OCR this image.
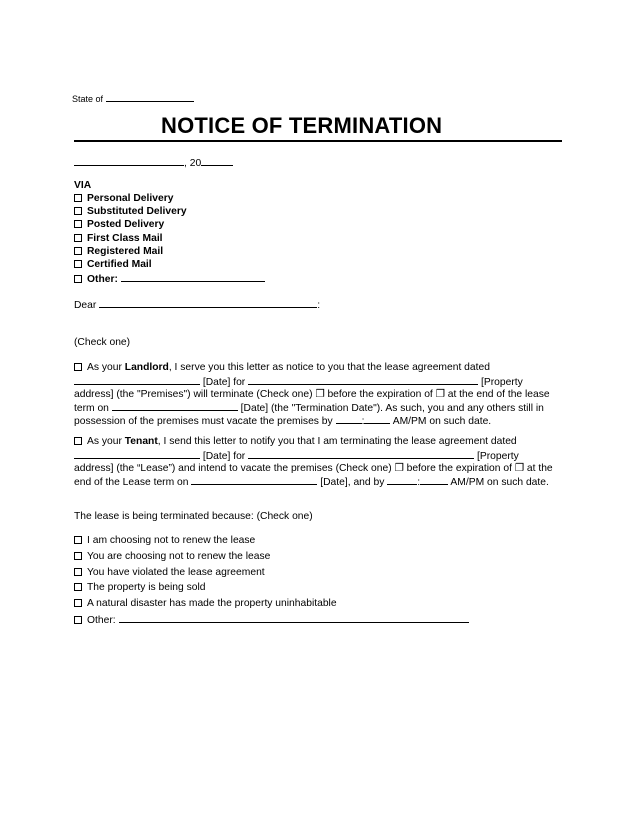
State of
NOTICE OF TERMINATION
, 20
VIA
Personal Delivery
Substituted Delivery
Posted Delivery
First Class Mail
Registered Mail
Certified Mail
Other:
Dear	:
(Check one)
As your Landlord, I serve you this letter as notice to you that the lease agreement dated
[Date] for	[Property
address] (the "Premises") will terminate (Check one) ❐ before the expiration of ❐ at the end of the lease
term on	[Date] (the "Termination Date"). As such, you and any others still in
possession of the premises must vacate the premises by	:	AM/PM on such date.
As your Tenant, I send this letter to notify you that I am terminating the lease agreement dated
[Date] for	[Property
address] (the “Lease”) and intend to vacate the premises (Check one) ❐ before the expiration of ❐ at the
end of the Lease term on	[Date], and by	:	AM/PM on such date.
The lease is being terminated because: (Check one)
I am choosing not to renew the lease
You are choosing not to renew the lease
You have violated the lease agreement
The property is being sold
A natural disaster has made the property uninhabitable
Other:
